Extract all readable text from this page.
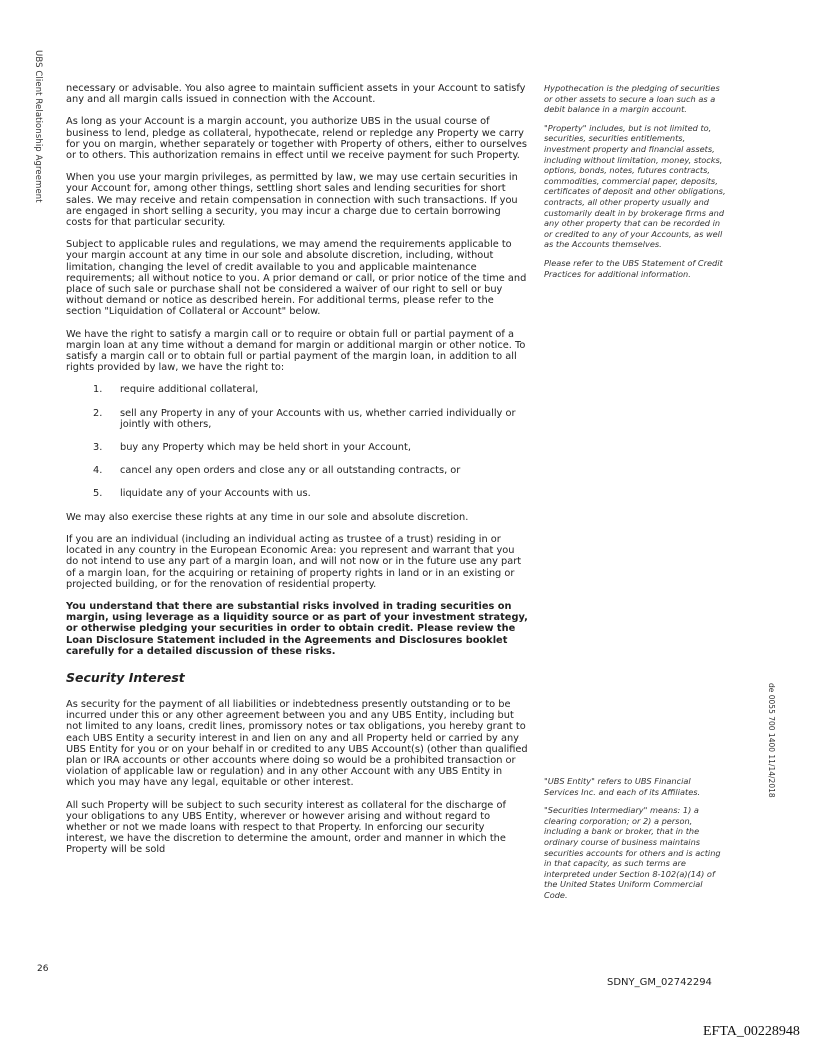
UBS Client Relationship Agreement
de 0055 700 1400 11/14/2018

necessary or advisable. You also agree to maintain sufficient assets in your Account to satisfy any and all margin calls issued in connection with the Account.

As long as your Account is a margin account, you authorize UBS in the usual course of business to lend, pledge as collateral, hypothecate, relend or repledge any Property we carry for you on margin, whether separately or together with Property of others, either to ourselves or to others. This authorization remains in effect until we receive payment for such Property.

When you use your margin privileges, as permitted by law, we may use certain securities in your Account for, among other things, settling short sales and lending securities for short sales. We may receive and retain compensation in connection with such transactions. If you are engaged in short selling a security, you may incur a charge due to certain borrowing costs for that particular security.

Subject to applicable rules and regulations, we may amend the requirements applicable to your margin account at any time in our sole and absolute discretion, including, without limitation, changing the level of credit available to you and applicable maintenance requirements; all without notice to you. A prior demand or call, or prior notice of the time and place of such sale or purchase shall not be considered a waiver of our right to sell or buy without demand or notice as described herein. For additional terms, please refer to the section "Liquidation of Collateral or Account" below.

We have the right to satisfy a margin call or to require or obtain full or partial payment of a margin loan at any time without a demand for margin or additional margin or other notice. To satisfy a margin call or to obtain full or partial payment of the margin loan, in addition to all rights provided by law, we have the right to:

1. require additional collateral,
2. sell any Property in any of your Accounts with us, whether carried individually or jointly with others,
3. buy any Property which may be held short in your Account,
4. cancel any open orders and close any or all outstanding contracts, or
5. liquidate any of your Accounts with us.

We may also exercise these rights at any time in our sole and absolute discretion.

If you are an individual (including an individual acting as trustee of a trust) residing in or located in any country in the European Economic Area: you represent and warrant that you do not intend to use any part of a margin loan, and will not now or in the future use any part of a margin loan, for the acquiring or retaining of property rights in land or in an existing or projected building, or for the renovation of residential property.

You understand that there are substantial risks involved in trading securities on margin, using leverage as a liquidity source or as part of your investment strategy, or otherwise pledging your securities in order to obtain credit. Please review the Loan Disclosure Statement included in the Agreements and Disclosures booklet carefully for a detailed discussion of these risks.

Security Interest

As security for the payment of all liabilities or indebtedness presently outstanding or to be incurred under this or any other agreement between you and any UBS Entity, including but not limited to any loans, credit lines, promissory notes or tax obligations, you hereby grant to each UBS Entity a security interest in and lien on any and all Property held or carried by any UBS Entity for you or on your behalf in or credited to any UBS Account(s) (other than qualified plan or IRA accounts or other accounts where doing so would be a prohibited transaction or violation of applicable law or regulation) and in any other Account with any UBS Entity in which you may have any legal, equitable or other interest.

All such Property will be subject to such security interest as collateral for the discharge of your obligations to any UBS Entity, wherever or however arising and without regard to whether or not we made loans with respect to that Property. In enforcing our security interest, we have the discretion to determine the amount, order and manner in which the Property will be sold

Hypothecation is the pledging of securities or other assets to secure a loan such as a debit balance in a margin account.

"Property" includes, but is not limited to, securities, securities entitlements, investment property and financial assets, including without limitation, money, stocks, options, bonds, notes, futures contracts, commodities, commercial paper, deposits, certificates of deposit and other obligations, contracts, all other property usually and customarily dealt in by brokerage firms and any other property that can be recorded in or credited to any of your Accounts, as well as the Accounts themselves.

Please refer to the UBS Statement of Credit Practices for additional information.

"UBS Entity" refers to UBS Financial Services Inc. and each of its Affiliates.

"Securities Intermediary" means: 1) a clearing corporation; or 2) a person, including a bank or broker, that in the ordinary course of business maintains securities accounts for others and is acting in that capacity, as such terms are interpreted under Section 8-102(a)(14) of the United States Uniform Commercial Code.

26
SDNY_GM_02742294
EFTA_00228948
